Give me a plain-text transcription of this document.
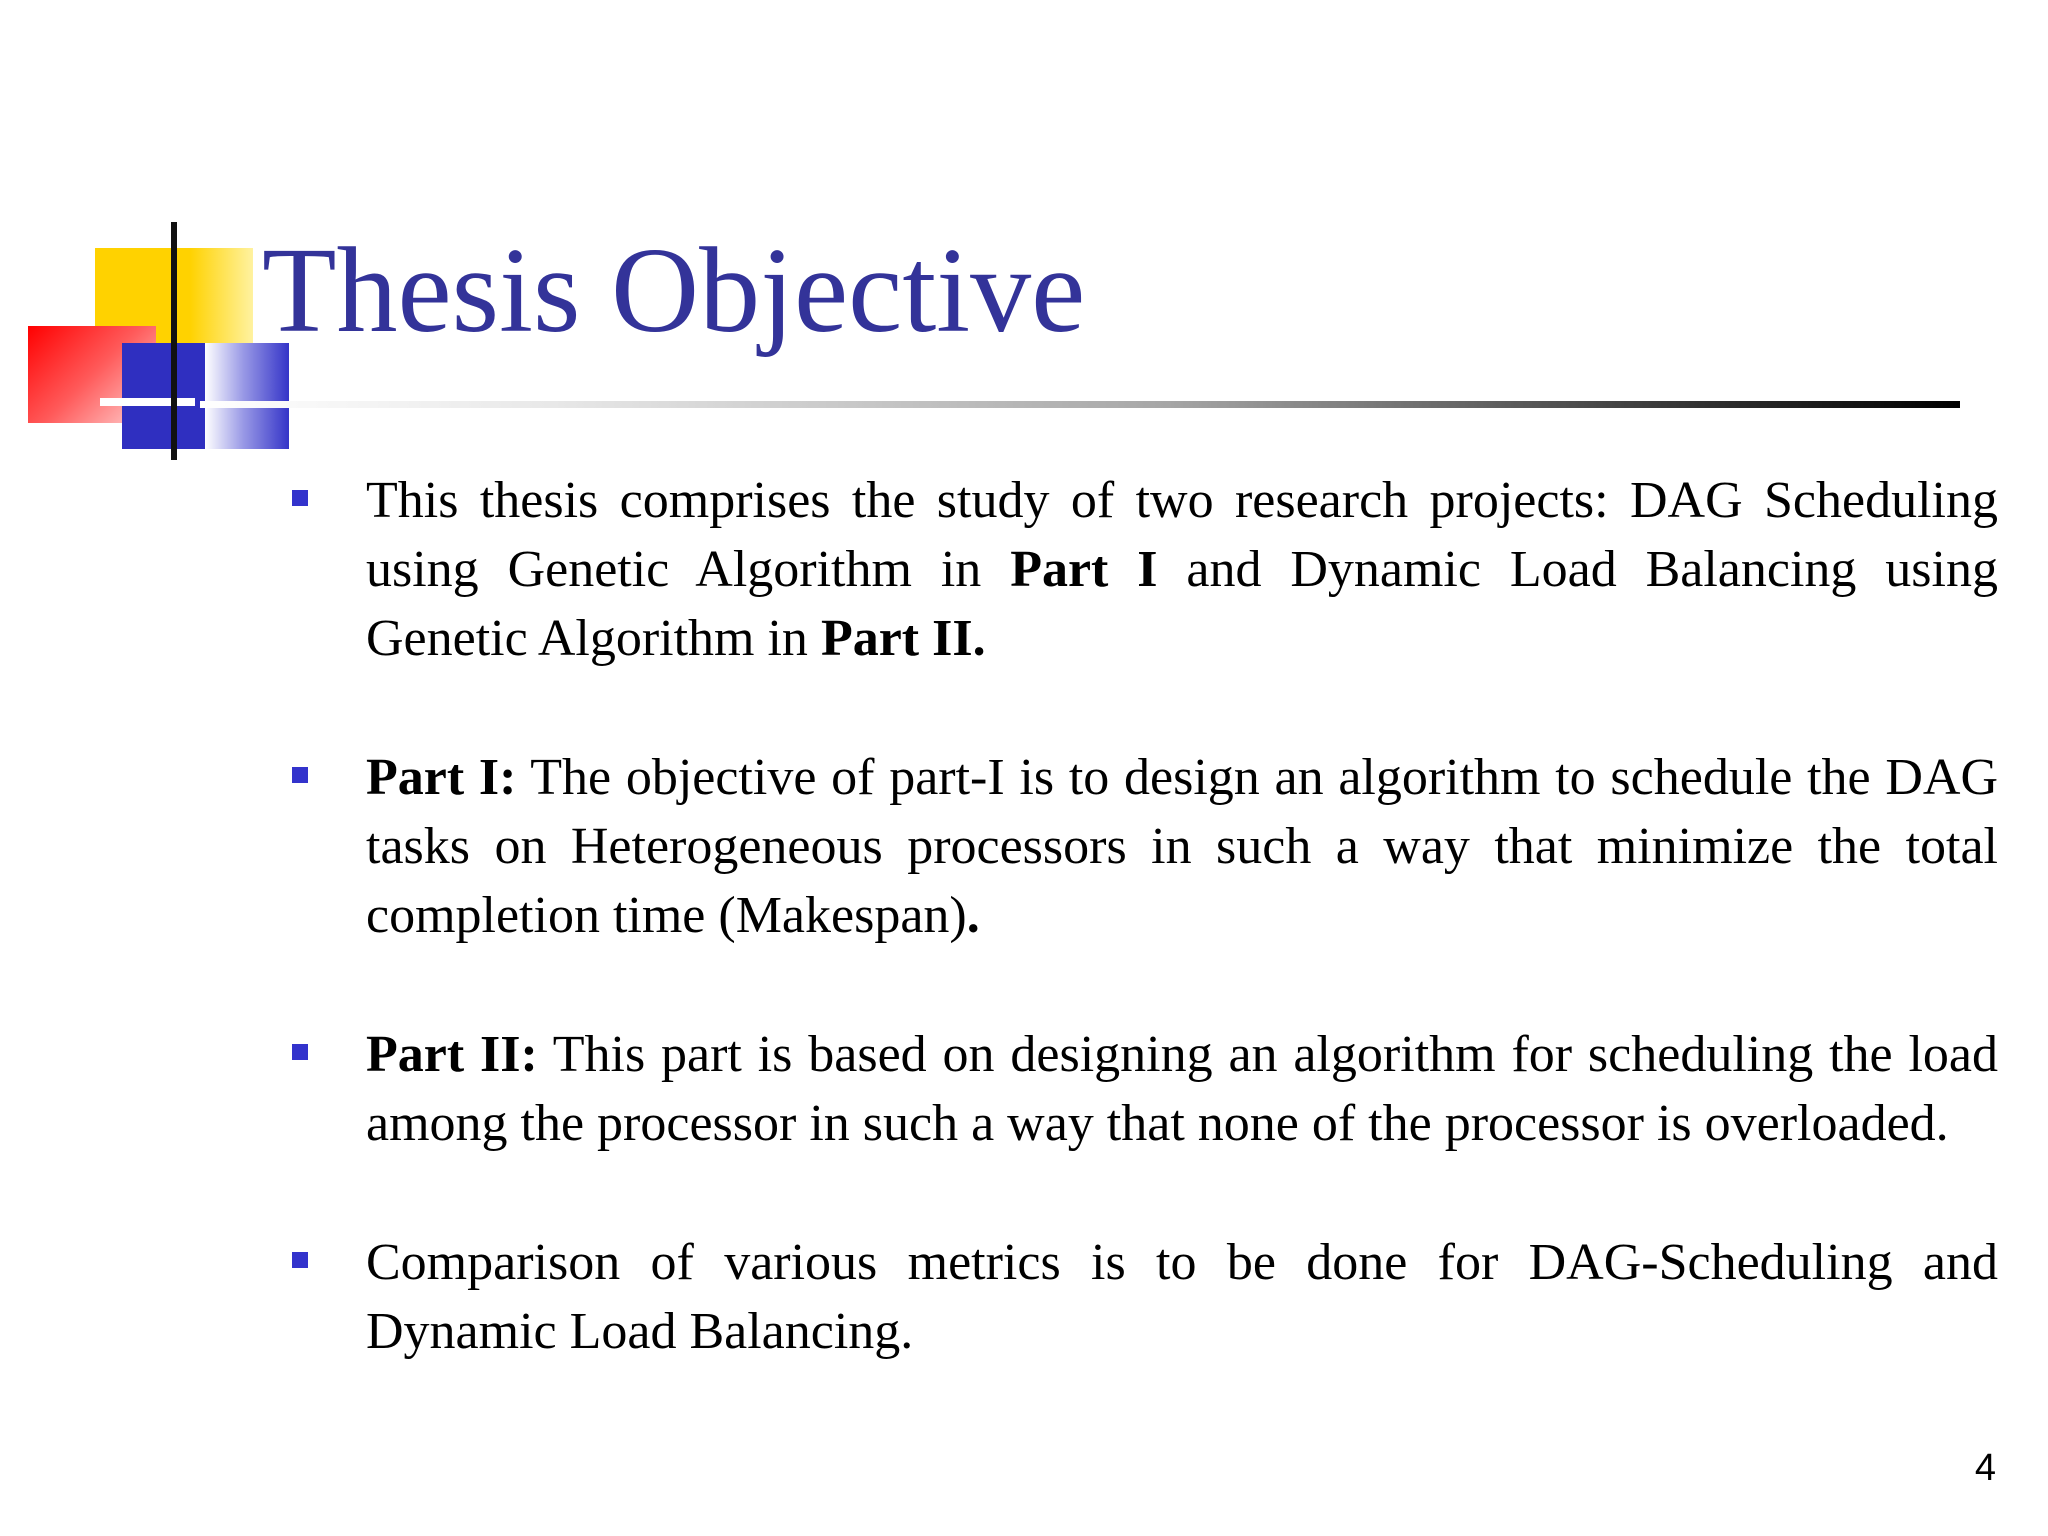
Thesis Objective
This thesis comprises the study of two research projects: DAG Scheduling using Genetic Algorithm in Part I and Dynamic Load Balancing using Genetic Algorithm in Part II.
Part I: The objective of part-I is to design an algorithm to schedule the DAG tasks on Heterogeneous processors in such a way that minimize the total completion time (Makespan).
Part II: This part is based on designing an algorithm for scheduling the load among the processor in such a way that none of the processor is overloaded.
Comparison of various metrics is to be done for DAG-Scheduling and Dynamic Load Balancing.
4
